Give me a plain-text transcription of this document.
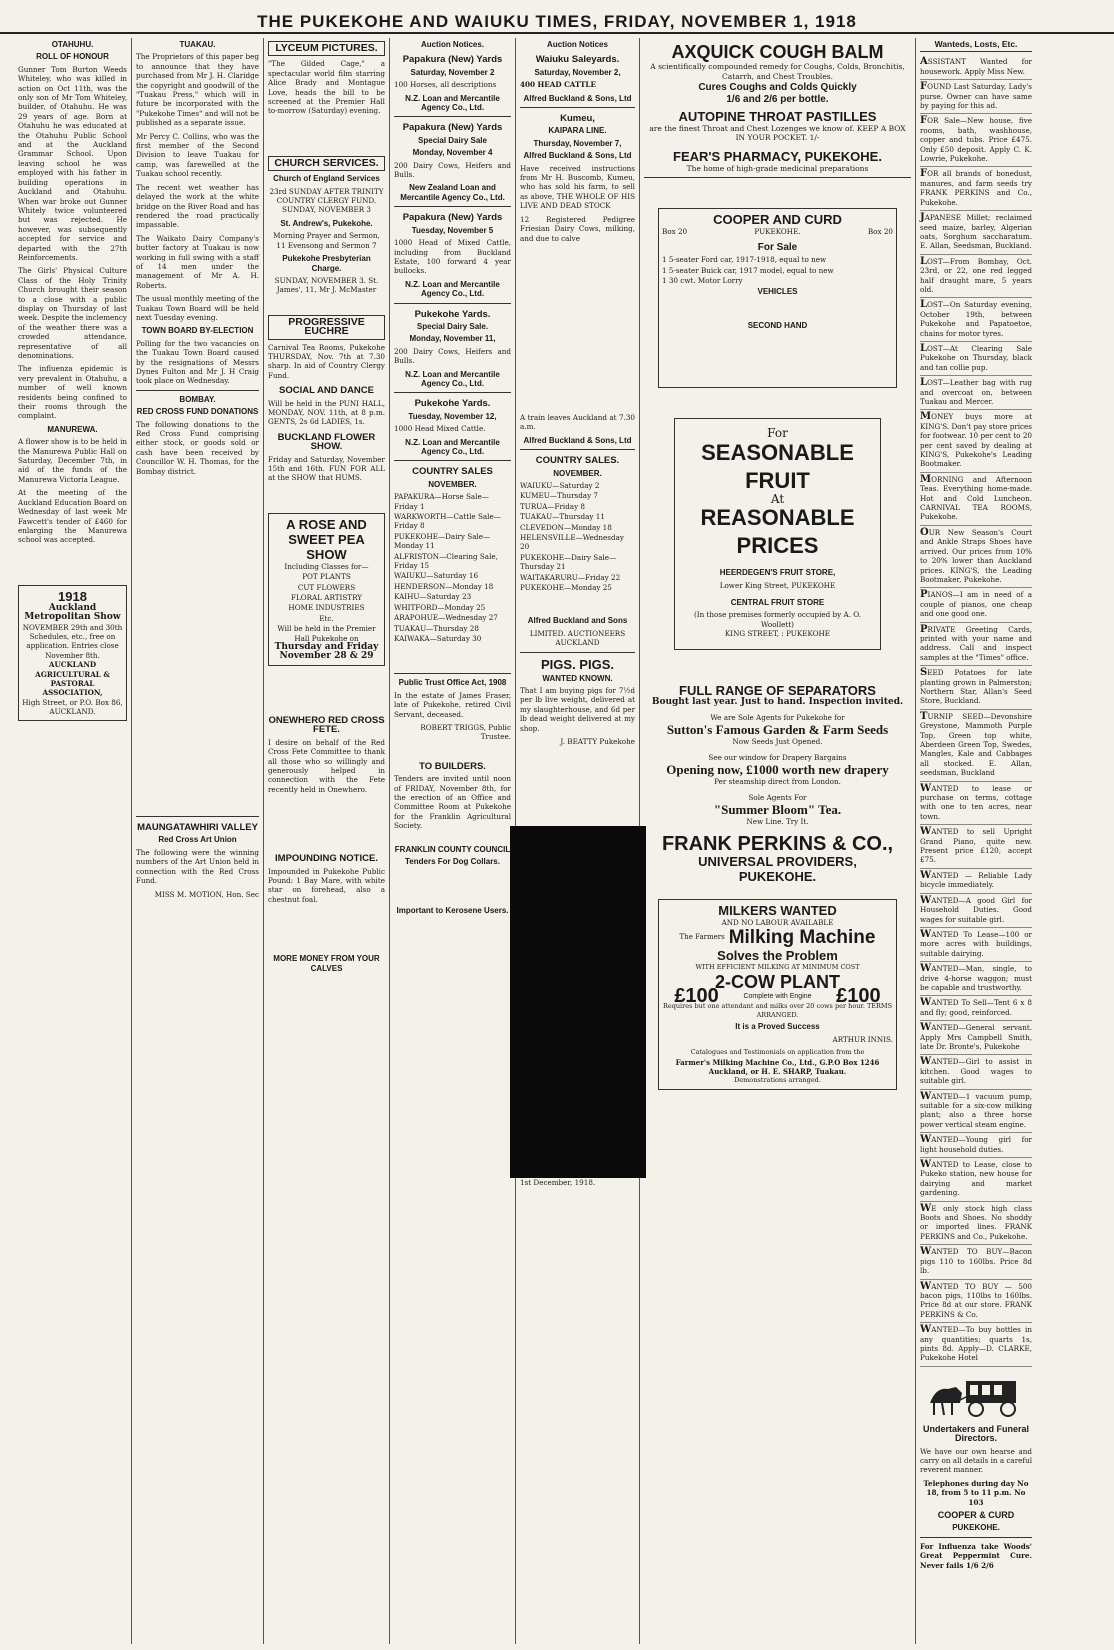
THE PUKEKOHE AND WAIUKU TIMES, FRIDAY, NOVEMBER 1, 1918
OTAHUHU.
ROLL OF HONOUR

Gunner Tom Burton Weeds Whiteley, who was killed in action on Oct 11th, was the only son of Mr Tom Whiteley, builder, of Otahuhu. He was 29 years of age. Born at Otahuhu he was educated at the Otahuhu Public School and at the Auckland Grammar School. Upon leaving school he was employed with his father in building operations in Auckland and Otahuhu. When war broke out Gunner Whitely twice volunteered but was rejected. He however, was subsequently accepted for service and departed with the 27th Reinforcements.

The Girls' Physical Culture Class of the Holy Trinity Church brought their season to a close with a public display on Thursday of last week. Despite the inclemency of the weather there was a crowded attendance, representative of all denominations.

The influenza epidemic is very prevalent in Otahuhu, a number of well known residents being confined to their rooms through the complaint.

MANUREWA.

A flower show is to be held in the Manurewa Public Hall on Saturday, December 7th, in aid of the funds of the Manurewa Victoria League.

At the meeting of the Auckland Education Board on Wednesday of last week Mr Fawcett's tender of £460 for enlarging the Manurewa school was accepted.

1918
Auckland Metropolitan Show
NOVEMBER 29th and 30th
Schedules, etc., free on application. Entries close November 8th.
AUCKLAND AGRICULTURAL & PASTORAL ASSOCIATION,
High Street, or P.O. Box 86, AUCKLAND.
TUAKAU.

The Proprietors of this paper beg to announce that they have purchased from Mr J. H. Claridge the copyright and goodwill of the "Tuakau Press," which will in future be incorporated with the "Pukekohe Times" and will not be published as a separate issue.

Mr Percy C. Collins, who was the first member of the Second Division to leave Tuakau for camp, was farewelled at the Tuakau school recently.

The recent wet weather has delayed the work at the white bridge on the River Road and has rendered the road practically impassable.

The Waikato Dairy Company's butter factory at Tuakau is now working in full swing with a staff of 14 men under the management of Mr A. H. Roberts.

The usual monthly meeting of the Tuakau Town Board will be held next Tuesday evening.

TOWN BOARD BY-ELECTION

Polling for the two vacancies on the Tuakau Town Board caused by the resignations of Messrs Dynes Fulton and Mr J. H Craig took place on Wednesday.

BOMBAY.
RED CROSS FUND DONATIONS

The following donations to the Red Cross Fund comprising either stock, or goods sold or cash have been received by Councillor W. H. Thomas, for the Bombay district.

MAUNGATAWHIRI VALLEY
Red Cross Art Union

The following were the winning numbers of the Art Union held in connection with the Red Cross Fund.

MISS M. MOTION, Hon. Sec

LYCEUM PICTURES.

"The Gilded Cage," a spectacular world film starring Alice Brady and Montague Love, heads the bill to be screened at the Premier Hall to-morrow (Saturday) evening.

CHURCH SERVICES.
Church of England Services

23rd SUNDAY AFTER TRINITY COUNTRY CLERGY FUND. SUNDAY, NOVEMBER 3

St. Andrew's, Pukekohe.

Morning Prayer and Sermon, 11 Evensong and Sermon 7

Pukekohe Presbyterian Charge.

SUNDAY, NOVEMBER 3. St. James', 11, Mr J. McMaster

PROGRESSIVE EUCHRE

Carnival Tea Rooms, Pukekohe THURSDAY, Nov. 7th at 7.30 sharp. In aid of Country Clergy Fund.

SOCIAL AND DANCE

Will be held in the PUNI HALL, MONDAY, NOV. 11th, at 8 p.m. GENTS, 2s 6d LADIES, 1s.

BUCKLAND FLOWER SHOW.

Friday and Saturday, November 15th and 16th. FUN FOR ALL at the SHOW that HUMS.

A ROSE AND SWEET PEA SHOW
Including Classes for—
POT PLANTS
CUT FLOWERS
FLORAL ARTISTRY
HOME INDUSTRIES
Etc.
Will be held in the Premier Hall Pukekohe on
Thursday and Friday November 28 & 29
ONEWHERO RED CROSS FETE.

I desire on behalf of the Red Cross Fete Committee to thank all those who so willingly and generously helped in connection with the Fete recently held in Onewhero.

IMPOUNDING NOTICE.

Impounded in Pukekohe Public Pound: 1 Bay Mare, with white star on forehead, also a chestnut foal.

MORE MONEY FROM YOUR CALVES
Auction Notices.
Papakura (New) Yards
Saturday, November 2

100 Horses, all descriptions

N.Z. Loan and Mercantile Agency Co., Ltd.
Papakura (New) Yards
Special Dairy Sale
Monday, November 4

200 Dairy Cows, Heifers and Bulls.

New Zealand Loan and Mercantile Agency Co., Ltd.
Papakura (New) Yards
Tuesday, November 5

1000 Head of Mixed Cattle, including from Buckland Estate, 100 forward 4 year bullocks.

N.Z. Loan and Mercantile Agency Co., Ltd.
Pukekohe Yards.
Special Dairy Sale.
Monday, November 11,

200 Dairy Cows, Heifers and Bulls.

N.Z. Loan and Mercantile Agency Co., Ltd.
Pukekohe Yards.
Tuesday, November 12,

1000 Head Mixed Cattle.

N.Z. Loan and Mercantile Agency Co., Ltd.
COUNTRY SALES
NOVEMBER.
PAPAKURA—Horse Sale—Friday 1
WARKWORTH—Cattle Sale—Friday 8
PUKEKOHE—Dairy Sale—Monday 11
ALFRISTON—Clearing Sale, Friday 15
WAIUKU—Saturday 16
HENDERSON—Monday 18
KAIHU—Saturday 23
WHITFORD—Monday 25
ARAPOHUE—Wednesday 27
TUAKAU—Thursday 28
KAIWAKA—Saturday 30
Public Trust Office Act, 1908

In the estate of James Fraser, late of Pukekohe, retired Civil Servant, deceased.

ROBERT TRIGGS, Public Trustee.

TO BUILDERS.

Tenders are invited until noon of FRIDAY, November 8th, for the erection of an Office and Committee Room at Pukekohe for the Franklin Agricultural Society.

FRANKLIN COUNTY COUNCIL
Tenders For Dog Collars.
Important to Kerosene Users.
Auction Notices
Waiuku Saleyards.
Saturday, November 2,

400 HEAD CATTLE

Alfred Buckland & Sons, Ltd
Kumeu,
KAIPARA LINE.
Thursday, November 7,
Alfred Buckland & Sons, Ltd

Have received instructions from Mr H. Buscomb, Kumeu, who has sold his farm, to sell as above, THE WHOLE OF HIS LIVE AND DEAD STOCK

12 Registered Pedigree Friesian Dairy Cows, milking, and due to calve

A train leaves Auckland at 7.30 a.m.

Alfred Buckland & Sons, Ltd
COUNTRY SALES.
NOVEMBER.
WAIUKU—Saturday 2
KUMEU—Thursday 7
TURUA—Friday 8
TUAKAU—Thursday 11
CLEVEDON—Monday 18
HELENSVILLE—Wednesday 20
PUKEKOHE—Dairy Sale—Thursday 21
WAITAKARURU—Friday 22
PUKEKOHE—Monday 25
Alfred Buckland and Sons
LIMITED. AUCTIONEERS AUCKLAND
PIGS. PIGS.
WANTED KNOWN.

That I am buying pigs for 7½d per lb live weight, delivered at my slaughterhouse, and 6d per lb dead weight delivered at my shop.

J. BEATTY Pukekohe

1st December, 1918.

AXQUICK COUGH BALM
A scientifically compounded remedy for Coughs, Colds, Bronchitis, Catarrh, and Chest Troubles.
Cures Coughs and Colds Quickly
1/6 and 2/6 per bottle.
AUTOPINE THROAT PASTILLES
are the finest Throat and Chest Lozenges we know of. KEEP A BOX IN YOUR POCKET. 1/-
FEAR'S PHARMACY, PUKEKOHE.
The home of high-grade medicinal preparations
COOPER AND CURD
Box 20	PUKEKOHE.	Box 20
For Sale
1 5-seater Ford car, 1917-1918, equal to new
1 5-seater Buick car, 1917 model, equal to new
1 30 cwt. Motor Lorry
VEHICLES
SECOND HAND
For
SEASONABLE
FRUIT
At
REASONABLE
PRICES
HEERDEGEN'S FRUIT STORE,
Lower King Street, PUKEKOHE
CENTRAL FRUIT STORE
(In those premises formerly occupied by A. O. Woollett)
KING STREET, : PUKEKOHE
FULL RANGE OF SEPARATORS
Bought last year. Just to hand. Inspection invited.
We are Sole Agents for Pukekohe for
Sutton's Famous Garden & Farm Seeds
Now Seeds Just Opened.
See our window for Drapery Bargains
Opening now, £1000 worth new drapery
Per steamship direct from London.
Sole Agents For
"Summer Bloom" Tea.
New Line. Try It.
FRANK PERKINS & CO.,
UNIVERSAL PROVIDERS,
PUKEKOHE.
MILKERS WANTED
AND NO LABOUR AVAILABLE
The Farmers Milking Machine
Solves the Problem
WITH EFFICIENT MILKING AT MINIMUM COST
2-COW PLANT
£100	Complete with Engine £100
Requires but one attendant and milks over 20 cows per hour. TERMS ARRANGED.
It is a Proved Success
ARTHUR INNIS.
Catalogues and Testimonials on application from the
Farmer's Milking Machine Co., Ltd., G.P.O Box 1246 Auckland, or H. E. SHARP, Tuakau.
Demonstrations arranged.
Wanteds, Losts, Etc.
ASSISTANT Wanted for housework. Apply Miss New.
FOUND Last Saturday, Lady's purse. Owner can have same by paying for this ad.
FOR Sale—New house, five rooms, bath, washhouse, copper and tubs. Price £475. Only £50 deposit. Apply C. K. Lowrie, Pukekohe.
FOR all brands of bonedust, manures, and farm seeds try FRANK PERKINS and Co., Pukekohe.
JAPANESE Millet; reclaimed seed maize, barley, Algerian oats, Sorghum saccharatum. E. Allan, Seedsman, Buckland.
LOST—From Bombay, Oct. 23rd, or 22, one red legged half draught mare, 5 years old.
LOST—On Saturday evening, October 19th, between Pukekohe and Papatoetoe, chains for motor tyres.
LOST—At Clearing Sale Pukekohe on Thursday, black and tan collie pup.
LOST—Leather bag with rug and overcoat on, between Tuakau and Mercer.
MONEY buys more at KING'S. Don't pay store prices for footwear. 10 per cent to 20 per cent saved by dealing at KING'S, Pukekohe's Leading Bootmaker.
MORNING and Afternoon Teas. Everything home-made. Hot and Cold Luncheon. CARNIVAL TEA ROOMS, Pukekohe.
OUR New Season's Court and Ankle Straps Shoes have arrived. Our prices from 10% to 20% lower than Auckland prices. KING'S, the Leading Bootmaker, Pukekohe.
PIANOS—I am in need of a couple of pianos, one cheap and one good one.
PRIVATE Greeting Cards, printed with your name and address. Call and inspect samples at the "Times" office.
SEED Potatoes for late planting grown in Palmerston; Northern Star, Allan's Seed Store, Buckland.
TURNIP SEED—Devonshire Greystone, Mammoth Purple Top, Green top white, Aberdeen Green Top, Swedes, Mangles, Kale and Cabbages all stocked. E. Allan, seedsman, Buckland
WANTED to lease or purchase on terms, cottage with one to ten acres, near town.
WANTED to sell Upright Grand Piano, quite new. Present price £120, accept £75.
WANTED — Reliable Lady bicycle immediately.
WANTED—A good Girl for Household Duties. Good wages for suitable girl.
WANTED To Lease—100 or more acres with buildings, suitable dairying.
WANTED—Man, single, to drive 4-horse waggon; must be capable and trustworthy.
WANTED To Sell—Tent 6 x 8 and fly; good, reinforced.
WANTED—General servant. Apply Mrs Campbell Smith, late Dr. Bronte's, Pukekohe
WANTED—Girl to assist in kitchen. Good wages to suitable girl.
WANTED—1 vacuum pump, suitable for a six-cow milking plant; also a three horse power vertical steam engine.
WANTED—Young girl for light household duties.
WANTED to Lease, close to Pukeko station, new house for dairying and market gardening.
WE only stock high class Boots and Shoes. No shoddy or imported lines. FRANK PERKINS and Co., Pukekohe.
WANTED TO BUY—Bacon pigs 110 to 160lbs. Price 8d lb.
WANTED TO BUY — 500 bacon pigs, 110lbs to 160lbs. Price 8d at our store. FRANK PERKINS & Co.
WANTED—To buy bottles in any quantities; quarts 1s, pints 8d. Apply—D. CLARKE, Pukekohe Hotel
Undertakers and Funeral Directors.

We have our own hearse and carry on all details in a careful reverent manner.

Telephones during day No 18, from 5 to 11 p.m. No 103

COOPER & CURD
PUKEKOHE.

For Influenza take Woods' Great Peppermint Cure. Never fails 1/6 2/6
